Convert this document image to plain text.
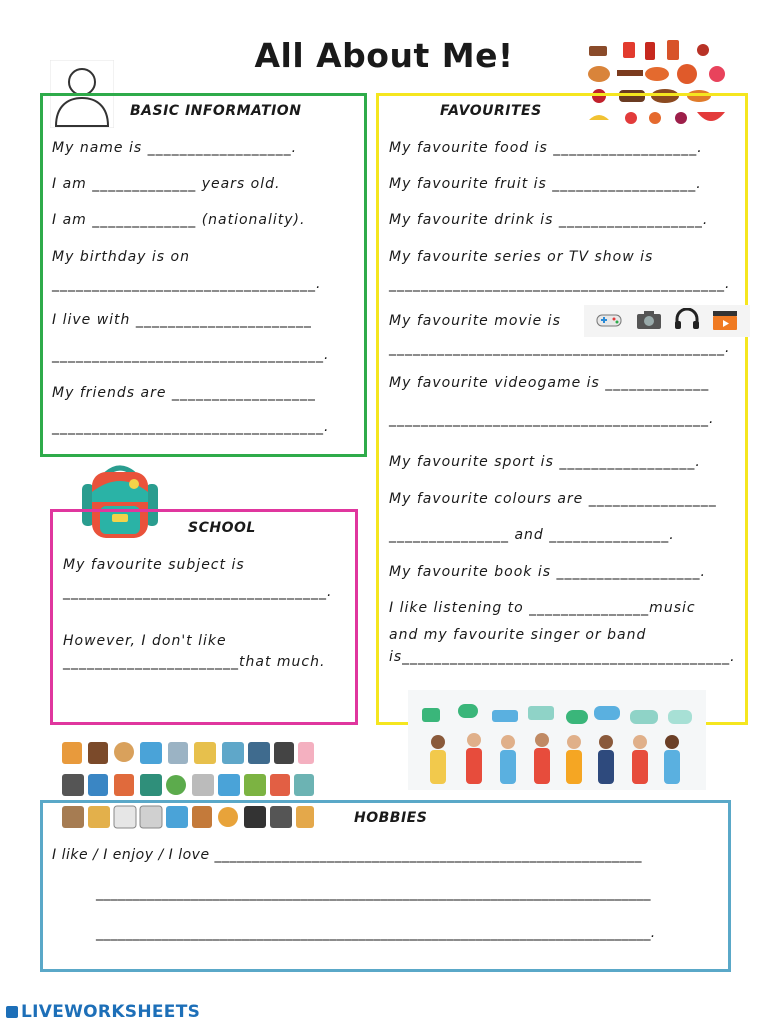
All About Me!
BASIC INFORMATION
My name is __________________.
I am _____________ years old.
I am _____________ (nationality).
My birthday is on
_________________________________.
I live with ______________________
__________________________________.
My friends are __________________
__________________________________.
FAVOURITES
My favourite food is __________________.
My favourite fruit is __________________.
My favourite drink is __________________.
My favourite series or TV show is
__________________________________________.
My favourite movie is
__________________________________________.
My favourite videogame is _____________
________________________________________.
My favourite sport is _________________.
My favourite colours are ________________
_______________ and _______________.
My favourite book is __________________.
I like listening to _______________music
and my favourite singer or band
is_________________________________________.
SCHOOL
My favourite subject is
_________________________________.
However, I don't like
______________________that much.
HOBBIES
I like / I enjoy / I love _________________________________________________________
____________________________________________________________________________
____________________________________________________________________________.
LIVEWORKSHEETS
